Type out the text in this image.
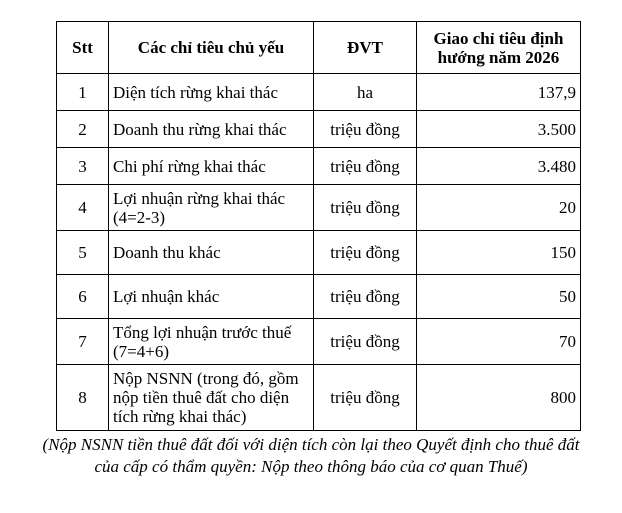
Stt	Các chỉ tiêu chủ yếu	ĐVT	Giao chỉ tiêu định hướng năm 2026
1	Diện tích rừng khai thác	ha	137,9
2	Doanh thu rừng khai thác	triệu đồng	3.500
3	Chi phí rừng khai thác	triệu đồng	3.480
4	Lợi nhuận rừng khai thác (4=2-3)	triệu đồng	20
5	Doanh thu khác	triệu đồng	150
6	Lợi nhuận khác	triệu đồng	50
7	Tổng lợi nhuận trước thuế (7=4+6)	triệu đồng	70
8	Nộp NSNN (trong đó, gồm nộp tiền thuê đất cho diện tích rừng khai thác)	triệu đồng	800
(Nộp NSNN tiền thuê đất đối với diện tích còn lại theo Quyết định cho thuê đất
của cấp có thẩm quyền: Nộp theo thông báo của cơ quan Thuế)
